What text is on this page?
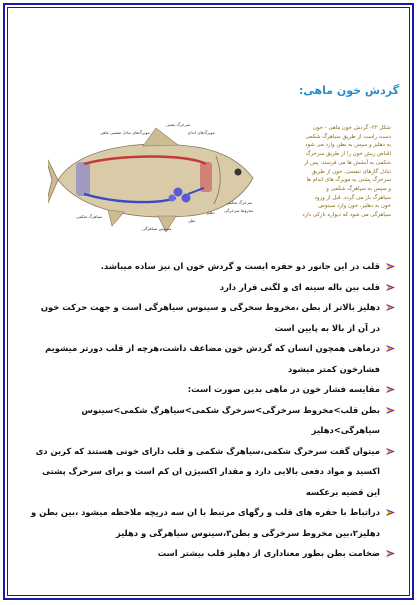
گردش خون ماهی:
مویرگ‌های تبادل تنفسی ماهی
سرخرگ پشتی
مویرگ‌های اندام
دهلیز
بطن
سینوس سیاهرگی
سیاهرگ شکمی
سرخرگ شکمی
مخروط سرخرگی
شکل ۲۲- گردش خون ماهی - خون
دست راست از طریق سیاهرگ شکمی
به دهلیز و سپس به بطن وارد می شود
اقباض ریش خون را از طریق سرخرگ
شکمی به آبشش ها می فرستد. پس از
تبادل گازهای تنفسی، خون از طریق
سرخرگ پشتی به مویرگ های اندام ها
و سپس به سیاهرگ شکمی و
سیاهرگ باز می گردد. قبل از ورود
خون به دهلیز، خون وارد سینوس
سیاهرگی می شود که دیواره نازکی دارد
قلب در این جانور دو حفره ایست و گردش خون ان نیز ساده میباشد.
قلب بین باله سینه ای و لگنی قرار دارد
دهلیز بالاتر از بطن ،مخروط سخرگی و سینوس سیاهرگی است و جهت حرکت خون در آن از بالا به پایین است
درماهی همچون انسان که گردش خون مضاعف داشت،هرچه از قلب دورتر میشویم فشارخون کمتر میشود
مقایسه فشار خون در ماهی بدین صورت است:
بطن قلب>مخروط سرخرگی>سرخرگ شکمی>سیاهرگ شکمی>سینوس سیاهرگی>دهلیز
میتوان گفت سرخرگ شکمی،سیاهرگ شکمی و قلب دارای خونی هستند که کربن دی اکسید و مواد دفعی بالایی دارد و مقدار اکسیژن ان کم است و برای سرخرگ پشتی این قضیه برعکسه
دراتباط با حفره های قلب و رگهای مرتبط با ان سه دریچه ملاحظه میشود ،بین بطن و دهلیز۲،بین مخروط سرخرگی و بطن۳،سینوس سیاهرگی و دهلیز
ضخامت بطن بطور معناداری از دهلیز قلب بیشتر است
